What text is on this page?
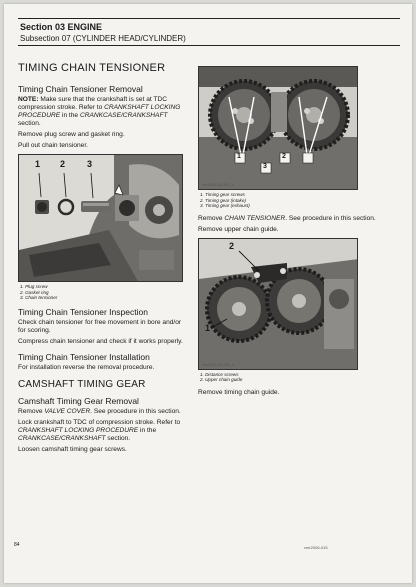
Section 03 ENGINE
Subsection 07 (CYLINDER HEAD/CYLINDER)
TIMING CHAIN TENSIONER
Timing Chain Tensioner Removal

NOTE: Make sure that the crankshaft is set at TDC compression stroke. Refer to CRANKSHAFT LOCKING PROCEDURE in the CRANKCASE/CRANKSHAFT section.

Remove plug screw and gasket ring.

Pull out chain tensioner.

1 2 3
vmr2006-014-011_a
1. Plug screw
2. Gasket ring
3. Chain tensioner
Timing Chain Tensioner Inspection

Check chain tensioner for free movement in bore and/or for scoring.

Compress chain tensioner and check if it works properly.

Timing Chain Tensioner Installation

For installation reverse the removal procedure.

CAMSHAFT TIMING GEAR
Camshaft Timing Gear Removal

Remove VALVE COVER. See procedure in this section.

Lock crankshaft to TDC of compression stroke. Refer to CRANKSHAFT LOCKING PROCEDURE in the CRANKCASE/CRANKSHAFT section.

Loosen camshaft timing gear screws.

1	2
3
vmr2006-014-020_a
1. Timing gear screws
2. Timing gear (intake)
3. Timing gear (exhaust)

Remove CHAIN TENSIONER. See procedure in this section.

Remove upper chain guide.

2
1
vmr2006-014-021_a
1. Distance screws
2. Upper chain guide

Remove timing chain guide.

84	vmr2006-015
